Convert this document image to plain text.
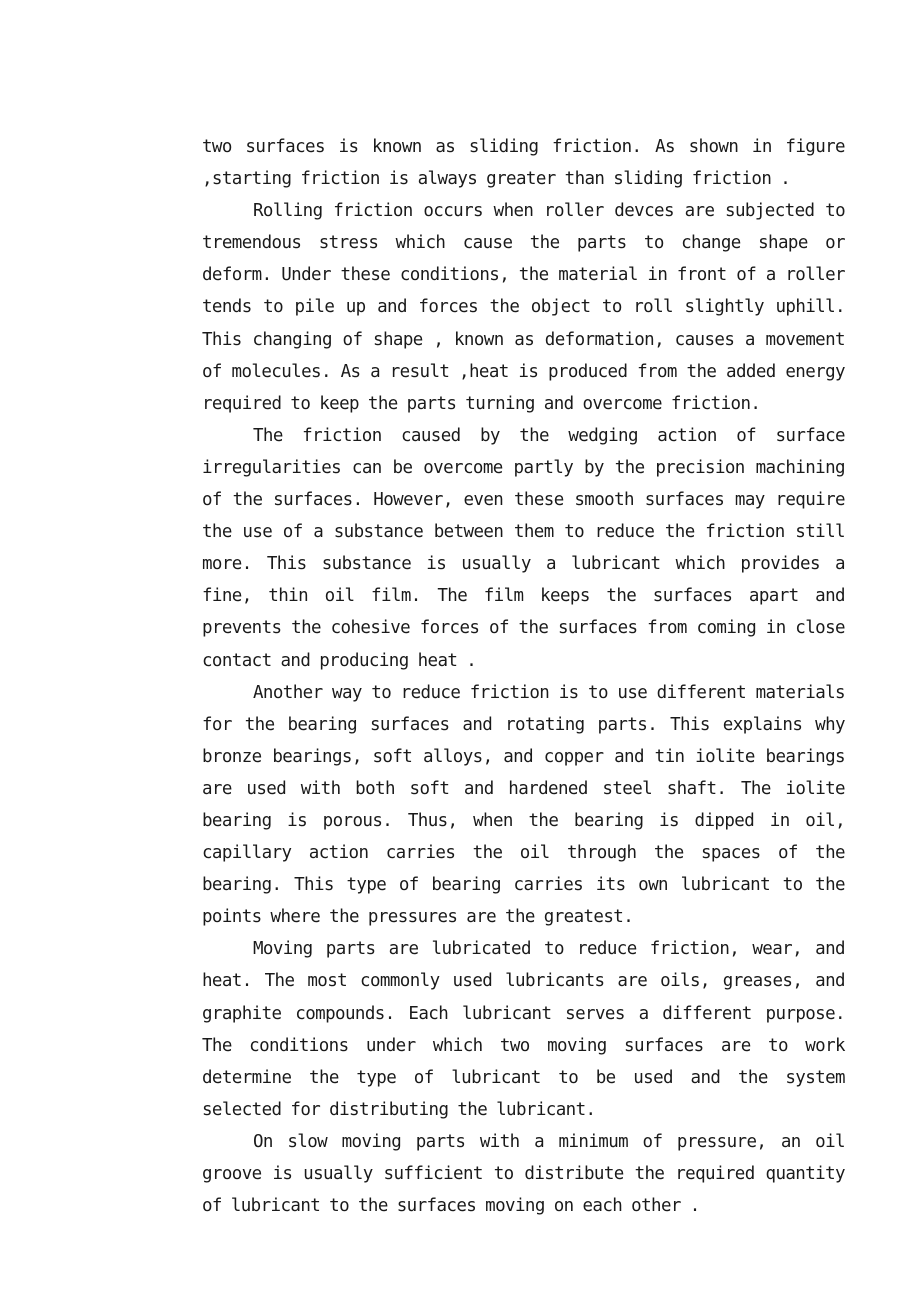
two surfaces is known as sliding friction. As shown in figure ,starting friction is always greater than sliding friction .

Rolling friction occurs when roller devces are subjected to tremendous stress which cause the parts to change shape or deform. Under these conditions, the material in front of a roller tends to pile up and forces the object to roll slightly uphill. This changing of shape , known as deformation, causes a movement of molecules. As a result ,heat is produced from the added energy required to keep the parts turning and overcome friction.

The friction caused by the wedging action of surface irregularities can be overcome partly by the precision machining of the surfaces. However, even these smooth surfaces may require the use of a substance between them to reduce the friction still more. This substance is usually a lubricant which provides a fine, thin oil film. The film keeps the surfaces apart and prevents the cohesive forces of the surfaces from coming in close contact and producing heat .

Another way to reduce friction is to use different materials for the bearing surfaces and rotating parts. This explains why bronze bearings, soft alloys, and copper and tin iolite bearings are used with both soft and hardened steel shaft. The iolite bearing is porous. Thus, when the bearing is dipped in oil, capillary action carries the oil through the spaces of the bearing. This type of bearing carries its own lubricant to the points where the pressures are the greatest.

Moving parts are lubricated to reduce friction, wear, and heat. The most commonly used lubricants are oils, greases, and graphite compounds. Each lubricant serves a different purpose. The conditions under which two moving surfaces are to work determine the type of lubricant to be used and the system selected for distributing the lubricant.

On slow moving parts with a minimum of pressure, an oil groove is usually sufficient to distribute the required quantity of lubricant to the surfaces moving on each other .
